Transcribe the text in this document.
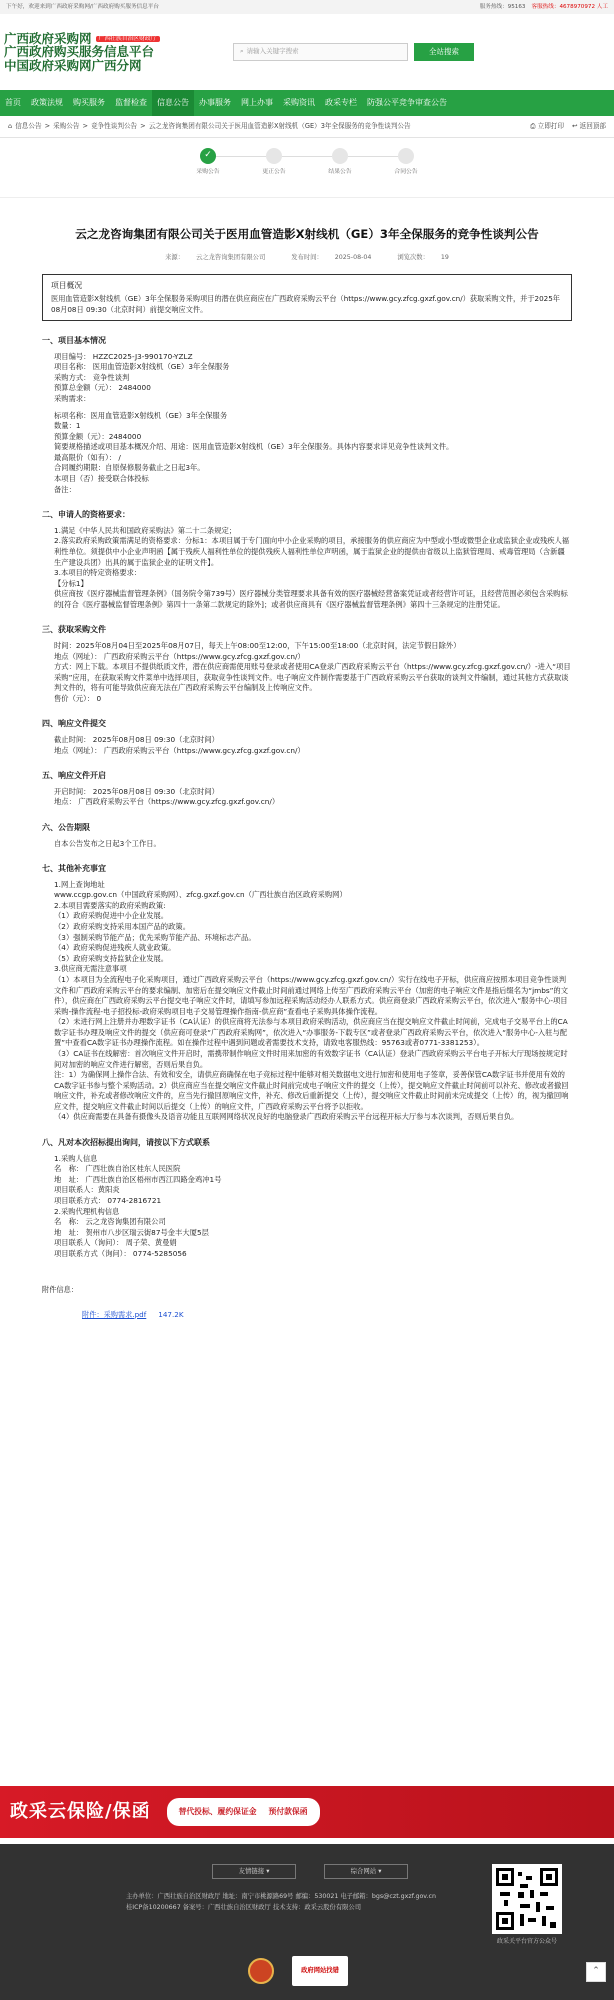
下午好，欢迎来到广西政府采购网/广西政府购买服务信息平台	服务热线：95163 客服热线：4678970972 人工
广西政府采购网	广西壮族自治区财政厅
广西政府购买服务信息平台
中国政府采购网广西分网
⌕ 请输入关键字搜索	全站搜索
首页	政策法规	购买服务	监督检查	信息公告	办事服务	网上办事	采购资讯	政采专栏	防强公平竞争审查公告
⌂ 信息公告 > 采购公告 > 竞争性谈判公告 > 云之龙咨询集团有限公司关于医用血管造影X射线机（GE）3年全保服务的竞争性谈判公告	⎙ 立即打印 ↩ 返回顶部
✓
采购公告	更正公告	结果公告	合同公告
云之龙咨询集团有限公司关于医用血管造影X射线机（GE）3年全保服务的竞争性谈判公告
来源： 云之龙咨询集团有限公司	发布时间： 2025-08-04	浏览次数： 19
项目概况
医用血管造影X射线机（GE）3年全保服务采购项目的潜在供应商应在广西政府采购云平台（https://www.gcy.zfcg.gxzf.gov.cn/）获取采购文件，并于2025年08月08日 09:30（北京时间）前提交响应文件。
一、项目基本情况
项目编号： HZZC2025-J3-990170-YZLZ
项目名称： 医用血管造影X射线机（GE）3年全保服务
采购方式： 竞争性谈判
预算总金额（元）： 2484000
采购需求：
标项名称：医用血管造影X射线机（GE）3年全保服务
数量：1
预算金额（元）：2484000
简要规格描述或项目基本概况介绍、用途：医用血管造影X射线机（GE）3年全保服务。具体内容要求详见竞争性谈判文件。
最高限价（如有）： /
合同履约期限：自原保修服务截止之日起3年。
本项目（否）接受联合体投标
备注：
二、申请人的资格要求：
1.满足《中华人民共和国政府采购法》第二十二条规定；
2.落实政府采购政策需满足的资格要求：分标1：本项目属于专门面向中小企业采购的项目，承接服务的供应商应为中型或小型或微型企业或监狱企业或残疾人福利性单位。须提供中小企业声明函【属于残疾人福利性单位的提供残疾人福利性单位声明函，属于监狱企业的提供由省级以上监狱管理局、戒毒管理局（含新疆生产建设兵团）出具的属于监狱企业的证明文件】。
3.本项目的特定资格要求：
【分标1】
供应商按《医疗器械监督管理条例》（国务院令第739号）医疗器械分类管理要求具备有效的医疗器械经营备案凭证或者经营许可证，且经营范围必须包含采购标的[符合《医疗器械监督管理条例》第四十一条第二款规定的除外]；或者供应商具有《医疗器械监督管理条例》第四十三条规定的注册凭证。
三、获取采购文件
时间：2025年08月04日至2025年08月07日，每天上午08:00至12:00，下午15:00至18:00（北京时间，法定节假日除外）
地点（网址）： 广西政府采购云平台（https://www.gcy.zfcg.gxzf.gov.cn/）
方式：网上下载。本项目不提供纸质文件，潜在供应商需使用账号登录或者使用CA登录广西政府采购云平台（https://www.gcy.zfcg.gxzf.gov.cn/）-进入“项目采购”应用，在获取采购文件菜单中选择项目，获取竞争性谈判文件。电子响应文件制作需要基于广西政府采购云平台获取的谈判文件编制，通过其他方式获取谈判文件的，将有可能导致供应商无法在广西政府采购云平台编制及上传响应文件。
售价（元）： 0
四、响应文件提交
截止时间： 2025年08月08日 09:30（北京时间）
地点（网址）： 广西政府采购云平台（https://www.gcy.zfcg.gxzf.gov.cn/）
五、响应文件开启
开启时间： 2025年08月08日 09:30（北京时间）
地点： 广西政府采购云平台（https://www.gcy.zfcg.gxzf.gov.cn/）
六、公告期限
自本公告发布之日起3个工作日。
七、其他补充事宜
1.网上查询地址
www.ccgp.gov.cn（中国政府采购网）、zfcg.gxzf.gov.cn（广西壮族自治区政府采购网）
2.本项目需要落实的政府采购政策:
（1）政府采购促进中小企业发展。
（2）政府采购支持采用本国产品的政策。
（3）强制采购节能产品；优先采购节能产品、环境标志产品。
（4）政府采购促进残疾人就业政策。
（5）政府采购支持监狱企业发展。
3.供应商无需注意事项
（1）本项目为全流程电子化采购项目，通过广西政府采购云平台（https://www.gcy.zfcg.gxzf.gov.cn/）实行在线电子开标，供应商应按照本项目竞争性谈判文件和广西政府采购云平台的要求编制、加密后在提交响应文件截止时间前通过网络上传至广西政府采购云平台（加密的电子响应文件是指后缀名为“jmbs”的文件），供应商在广西政府采购云平台提交电子响应文件时，请填写参加远程采购活动经办人联系方式。供应商登录广西政府采购云平台，依次进入“服务中心-项目采购-操作流程-电子招投标-政府采购项目电子交易管理操作指南-供应商”查看电子采购具体操作流程。
（2）未进行网上注册并办理数字证书（CA认证）的供应商将无法参与本项目政府采购活动，供应商应当在提交响应文件截止时间前，完成电子交易平台上的CA数字证书办理及响应文件的提交（供应商可登录“广西政府采购网”，依次进入“办事服务-下载专区”或者登录广西政府采购云平台，依次进入“服务中心-入驻与配置”中查看CA数字证书办理操作流程。如在操作过程中遇到问题或者需要技术支持，请致电客服热线：95763或者0771-3381253）。
（3）CA证书在线解密：首次响应文件开启时，需携带制作响应文件时用来加密的有效数字证书（CA认证）登录广西政府采购云平台电子开标大厅现场按规定时间对加密的响应文件进行解密，否则后果自负。
注：1）为确保网上操作合法、有效和安全，请供应商确保在电子竞标过程中能够对相关数据电文进行加密和使用电子签章，妥善保管CA数字证书并使用有效的CA数字证书参与整个采购活动。2）供应商应当在提交响应文件截止时间前完成电子响应文件的提交（上传），提交响应文件截止时间前可以补充、修改或者撤回响应文件，补充或者修改响应文件的，应当先行撤回原响应文件，补充、修改后重新提交（上传），提交响应文件截止时间前未完成提交（上传）的，视为撤回响应文件，提交响应文件截止时间以后提交（上传）的响应文件，广西政府采购云平台将予以拒收。
（4）供应商需要在具备有摄像头及语音功能且互联网网络状况良好的电脑登录广西政府采购云平台远程开标大厅参与本次谈判，否则后果自负。
八、凡对本次招标提出询问，请按以下方式联系
1.采购人信息
名　称： 广西壮族自治区桂东人民医院
地　址： 广西壮族自治区梧州市西江四路金鸡冲1号
项目联系人：黄阳炎
项目联系方式： 0774-2816721
2.采购代理机构信息
名　称： 云之龙咨询集团有限公司
地　址： 贺州市八步区瑞云街87号金丰大厦5层
项目联系人（询问）： 周子荣、黄曼娟
项目联系方式（询问）： 0774-5285056
附件信息：
附件：采购需求.pdf 147.2K
政采云保险/保函	替代投标、履约保证金 预付款保函
友情链接
▾	综合网站
▾
主办单位：广西壮族自治区财政厅 地址：南宁市桃源路69号 邮编：530021 电子邮箱：bgs@czt.gxzf.gov.cn
桂ICP备10200667 备案号：广西壮族自治区财政厅 技术支持：政采云股份有限公司
政府网站找错
政采关平台官方公众号
⌃
